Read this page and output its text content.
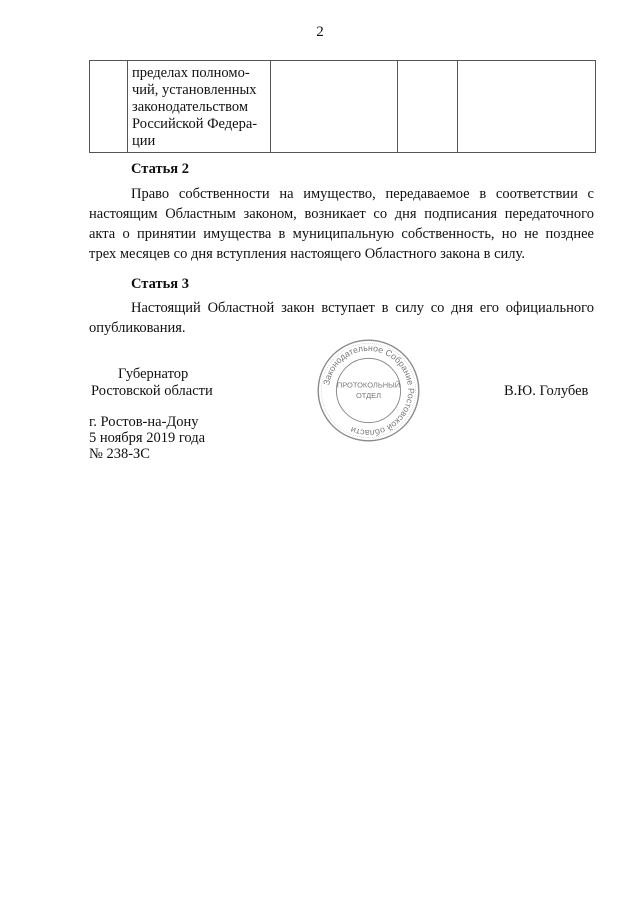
2

пределах полномо-
чий, установленных
законодательством
Российской Федера-
ции

Статья 2
Право собственности на имущество, передаваемое в соответствии с
настоящим Областным законом, возникает со дня подписания передаточного
акта о принятии имущества в муниципальную собственность, но не позднее
трех месяцев со дня вступления настоящего Областного закона в силу.
Статья 3
Настоящий Областной закон вступает в силу со дня его официального
опубликования.
Губернатор
Ростовской области	В.Ю. Голубев
г. Ростов-на-Дону
5 ноября 2019 года
№ 238-ЗС
Законодательное Собрание Ростовской области
ПРОТОКОЛЬНЫЙ
ОТДЕЛ
